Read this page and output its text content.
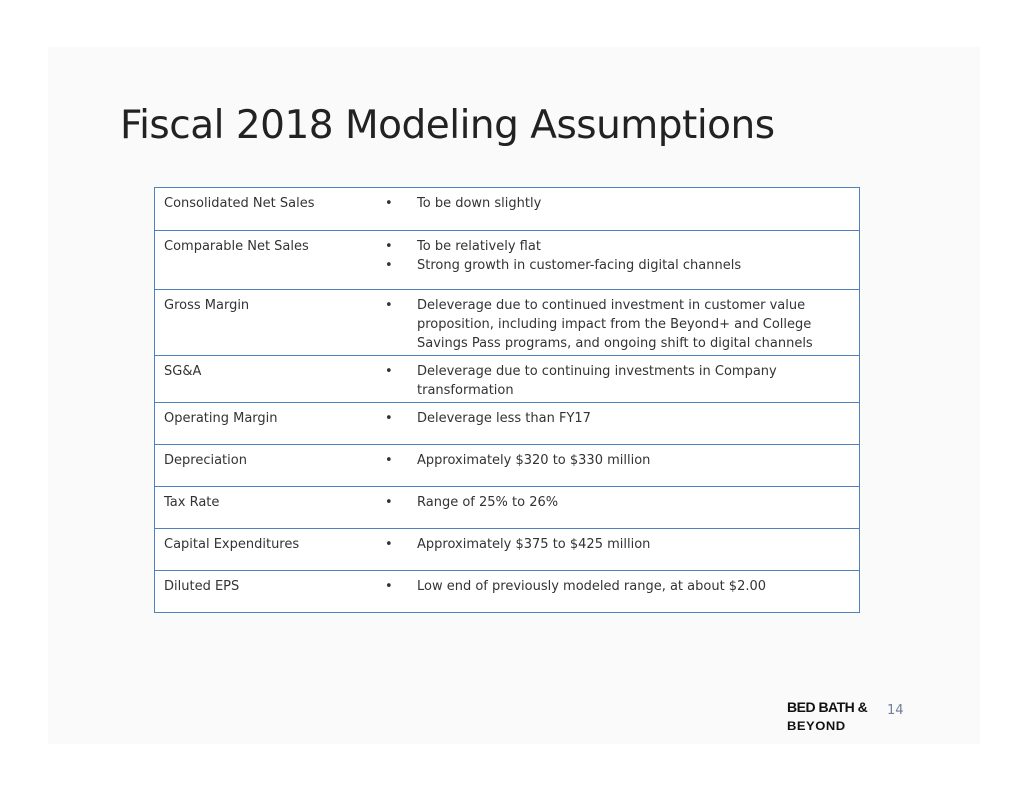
Fiscal 2018 Modeling Assumptions
Consolidated Net Sales	• To be down slightly
Comparable Net Sales	• To be relatively flat
• Strong growth in customer-facing digital channels
Gross Margin	• Deleverage due to continued investment in customer value proposition, including impact from the Beyond+ and College Savings Pass programs, and ongoing shift to digital channels
SG&A	• Deleverage due to continuing investments in Company transformation
Operating Margin	• Deleverage less than FY17
Depreciation	• Approximately $320 to $330 million
Tax Rate	• Range of 25% to 26%
Capital Expenditures	• Approximately $375 to $425 million
Diluted EPS	• Low end of previously modeled range, at about $2.00
BED BATH &
BEYOND
14
